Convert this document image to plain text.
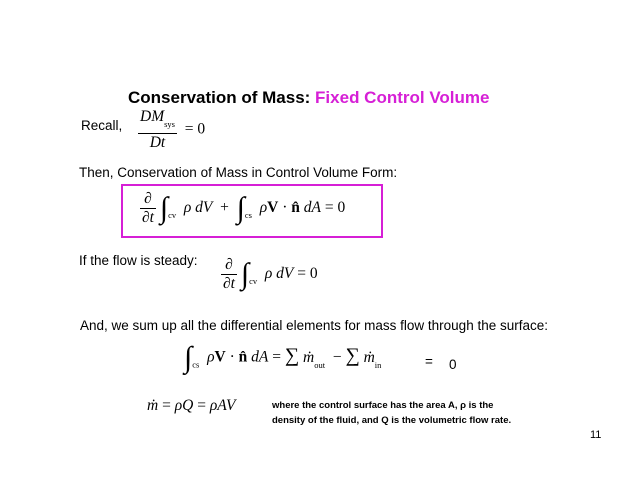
Conservation of Mass: Fixed Control Volume
Recall, $\frac{DM_{sys}}{Dt} = 0$
Then, Conservation of Mass in Control Volume Form:
$\frac{\partial}{\partial t} \int_{cv}$ ρ dV  +  $\int_{cs}$ ρV · n̂ dA = 0
If the flow is steady: $\frac{\partial}{\partial t} \int_{cv}$ ρ dV = 0
And, we sum up all the differential elements for mass flow through the surface:
$\int_{cs}$ ρV · n̂ dA = ∑ ṁ$_{out}$  − ∑ ṁ$_{in}$	= 0
ṁ = ρQ = ρAV	where the control surface has the area A, ρ is the
density of the fluid, and Q is the volumetric flow rate.
11
